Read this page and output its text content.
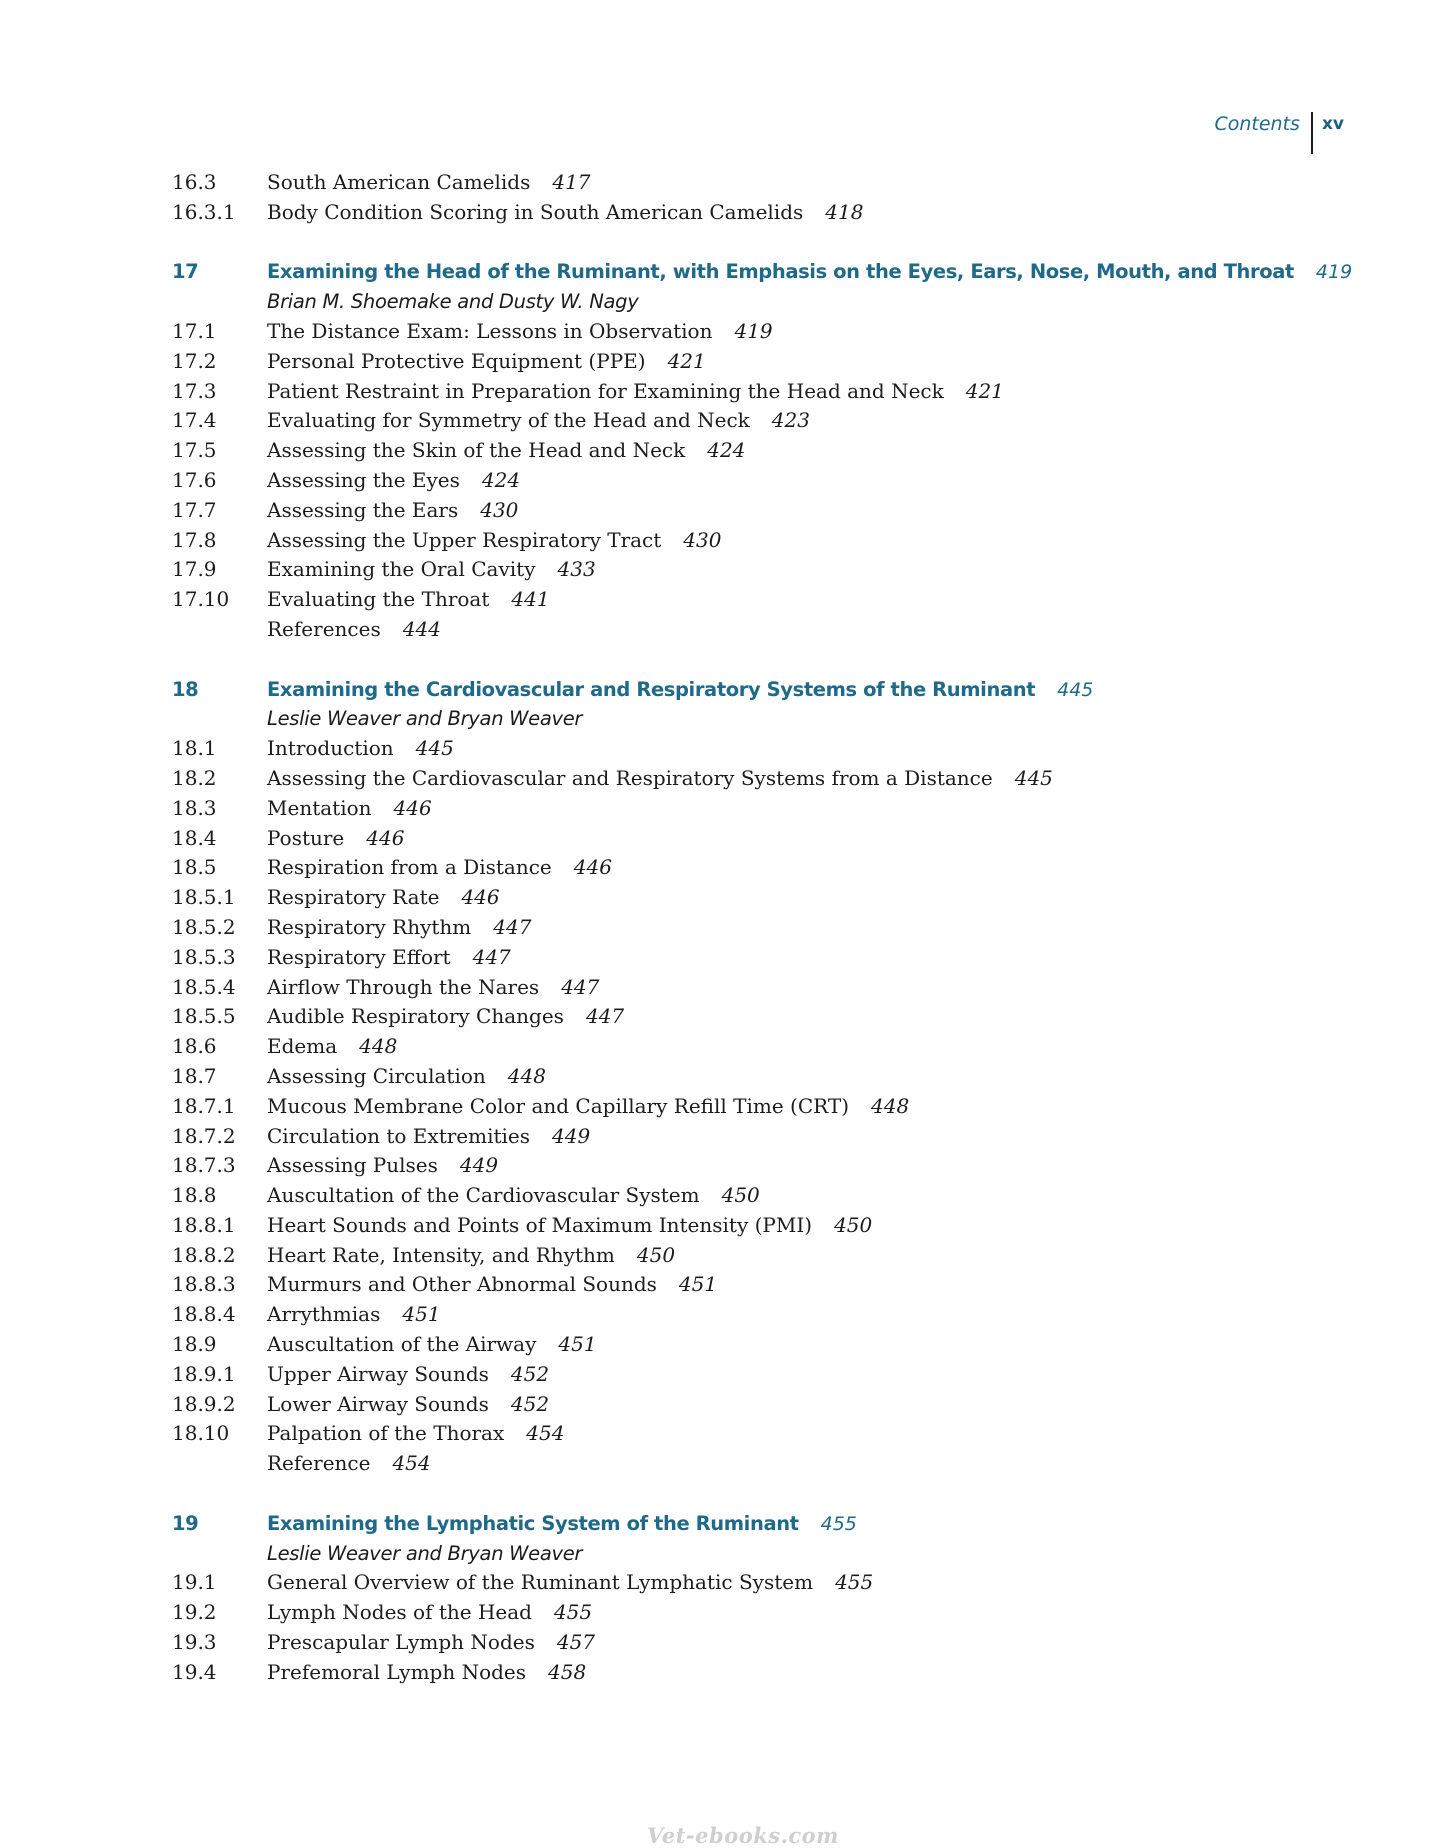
Contents	xv
16.3	South American Camelids 417
16.3.1	Body Condition Scoring in South American Camelids 418
17	Examining the Head of the Ruminant, with Emphasis on the Eyes, Ears, Nose, Mouth, and Throat 419
Brian M. Shoemake and Dusty W. Nagy
17.1	The Distance Exam: Lessons in Observation 419
17.2	Personal Protective Equipment (PPE) 421
17.3	Patient Restraint in Preparation for Examining the Head and Neck 421
17.4	Evaluating for Symmetry of the Head and Neck 423
17.5	Assessing the Skin of the Head and Neck 424
17.6	Assessing the Eyes 424
17.7	Assessing the Ears 430
17.8	Assessing the Upper Respiratory Tract 430
17.9	Examining the Oral Cavity 433
17.10	Evaluating the Throat 441
References 444
18	Examining the Cardiovascular and Respiratory Systems of the Ruminant 445
Leslie Weaver and Bryan Weaver
18.1	Introduction 445
18.2	Assessing the Cardiovascular and Respiratory Systems from a Distance 445
18.3	Mentation 446
18.4	Posture 446
18.5	Respiration from a Distance 446
18.5.1	Respiratory Rate 446
18.5.2	Respiratory Rhythm 447
18.5.3	Respiratory Effort 447
18.5.4	Airflow Through the Nares 447
18.5.5	Audible Respiratory Changes 447
18.6	Edema 448
18.7	Assessing Circulation 448
18.7.1	Mucous Membrane Color and Capillary Refill Time (CRT) 448
18.7.2	Circulation to Extremities 449
18.7.3	Assessing Pulses 449
18.8	Auscultation of the Cardiovascular System 450
18.8.1	Heart Sounds and Points of Maximum Intensity (PMI) 450
18.8.2	Heart Rate, Intensity, and Rhythm 450
18.8.3	Murmurs and Other Abnormal Sounds 451
18.8.4	Arrythmias 451
18.9	Auscultation of the Airway 451
18.9.1	Upper Airway Sounds 452
18.9.2	Lower Airway Sounds 452
18.10	Palpation of the Thorax 454
Reference 454
19	Examining the Lymphatic System of the Ruminant 455
Leslie Weaver and Bryan Weaver
19.1	General Overview of the Ruminant Lymphatic System 455
19.2	Lymph Nodes of the Head 455
19.3	Prescapular Lymph Nodes 457
19.4	Prefemoral Lymph Nodes 458
Vet-ebooks.com
